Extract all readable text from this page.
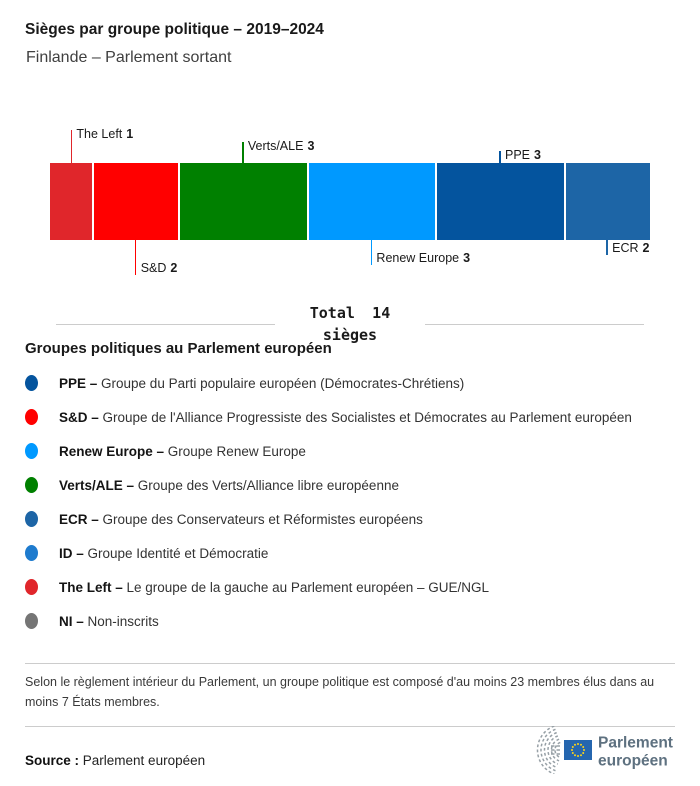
Sièges par groupe politique – 2019–2024
Finlande – Parlement sortant
The Left 1
S&D 2
Verts/ALE 3
Renew Europe 3
PPE 3
ECR 2
Total 14
sièges
Groupes politiques au Parlement européen
PPE – Groupe du Parti populaire européen (Démocrates-Chrétiens)
S&D – Groupe de l'Alliance Progressiste des Socialistes et Démocrates au Parlement européen
Renew Europe – Groupe Renew Europe
Verts/ALE – Groupe des Verts/Alliance libre européenne
ECR – Groupe des Conservateurs et Réformistes européens
ID – Groupe Identité et Démocratie
The Left – Le groupe de la gauche au Parlement européen – GUE/NGL
NI – Non-inscrits
Selon le règlement intérieur du Parlement, un groupe politique est composé d'au moins 23 membres élus dans au moins 7 États membres.
Source : Parlement européen
Parlement
européen
